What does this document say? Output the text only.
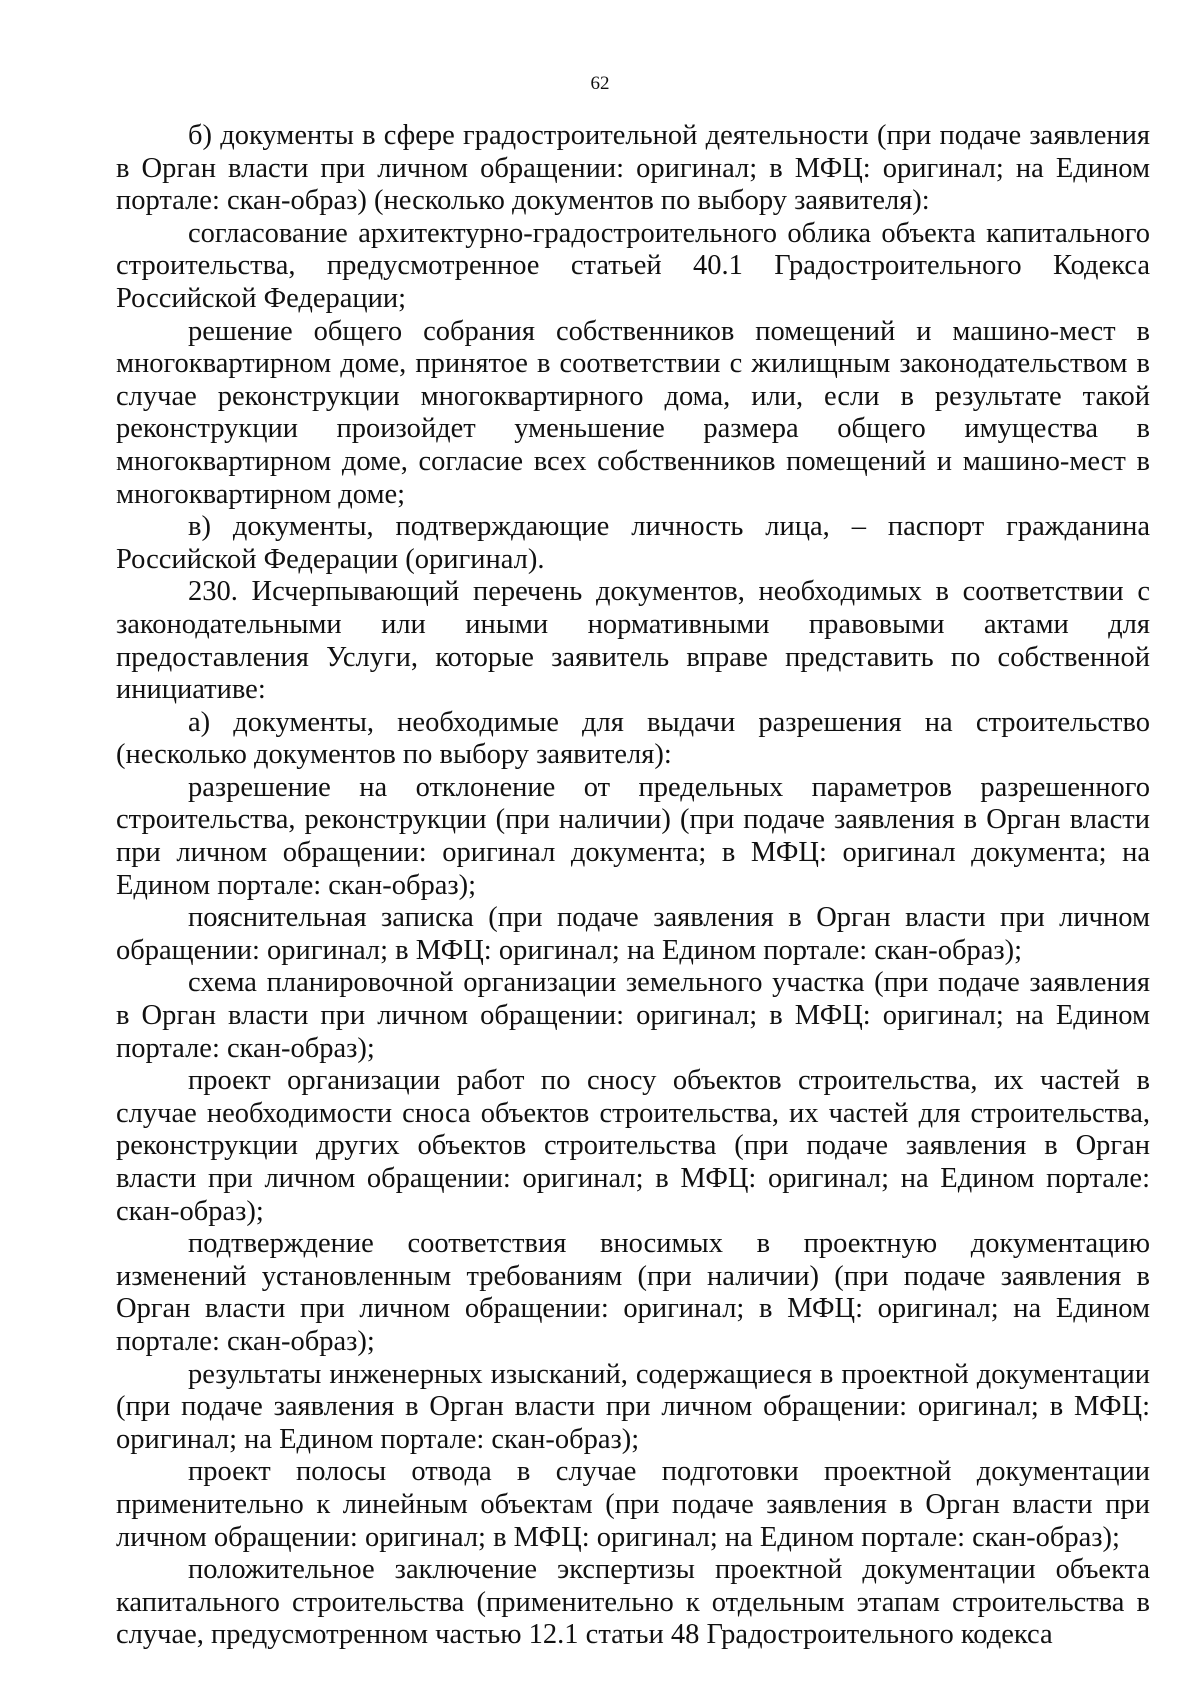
62

б) документы в сфере градостроительной деятельности (при подаче заявления в Орган власти при личном обращении: оригинал; в МФЦ: оригинал; на Едином портале: скан-образ) (несколько документов по выбору заявителя):

согласование архитектурно-градостроительного облика объекта капитального строительства, предусмотренное статьей 40.1 Градостроительного Кодекса Российской Федерации;

решение общего собрания собственников помещений и машино-мест в многоквартирном доме, принятое в соответствии с жилищным законодательством в случае реконструкции многоквартирного дома, или, если в результате такой реконструкции произойдет уменьшение размера общего имущества в многоквартирном доме, согласие всех собственников помещений и машино-мест в многоквартирном доме;

в) документы, подтверждающие личность лица, – паспорт гражданина Российской Федерации (оригинал).

230. Исчерпывающий перечень документов, необходимых в соответствии с законодательными или иными нормативными правовыми актами для предоставления Услуги, которые заявитель вправе представить по собственной инициативе:

а) документы, необходимые для выдачи разрешения на строительство (несколько документов по выбору заявителя):

разрешение на отклонение от предельных параметров разрешенного строительства, реконструкции (при наличии) (при подаче заявления в Орган власти при личном обращении: оригинал документа; в МФЦ: оригинал документа; на Едином портале: скан-образ);

пояснительная записка (при подаче заявления в Орган власти при личном обращении: оригинал; в МФЦ: оригинал; на Едином портале: скан-образ);

схема планировочной организации земельного участка (при подаче заявления в Орган власти при личном обращении: оригинал; в МФЦ: оригинал; на Едином портале: скан-образ);

проект организации работ по сносу объектов строительства, их частей в случае необходимости сноса объектов строительства, их частей для строительства, реконструкции других объектов строительства (при подаче заявления в Орган власти при личном обращении: оригинал; в МФЦ: оригинал; на Едином портале: скан-образ);

подтверждение соответствия вносимых в проектную документацию изменений установленным требованиям (при наличии) (при подаче заявления в Орган власти при личном обращении: оригинал; в МФЦ: оригинал; на Едином портале: скан-образ);

результаты инженерных изысканий, содержащиеся в проектной документации (при подаче заявления в Орган власти при личном обращении: оригинал; в МФЦ: оригинал; на Едином портале: скан-образ);

проект полосы отвода в случае подготовки проектной документации применительно к линейным объектам (при подаче заявления в Орган власти при личном обращении: оригинал; в МФЦ: оригинал; на Едином портале: скан-образ);

положительное заключение экспертизы проектной документации объекта капитального строительства (применительно к отдельным этапам строительства в случае, предусмотренном частью 12.1 статьи 48 Градостроительного кодекса
